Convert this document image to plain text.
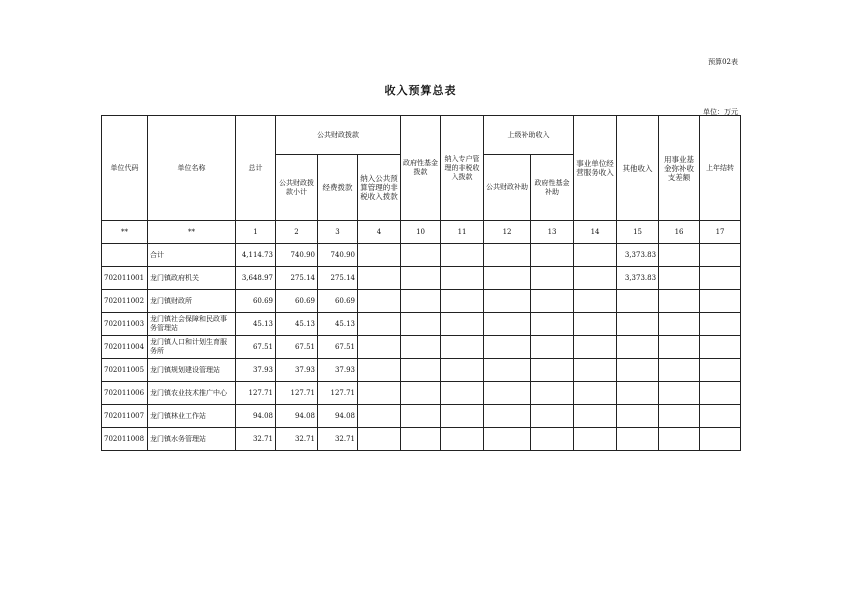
预算02表
收入预算总表
单位：万元
单位代码	单位名称	总计	公共财政拨款			政府性基金拨款	纳入专户管理的非税收入拨款	上级补助收入		事业单位经营服务收入	其他收入	用事业基金弥补收支差额	上年结转
			公共财政拨款小计	经费拨款	纳入公共预算管理的非税收入拨款			公共财政补助	政府性基金补助				
**	**	1	2	3	4	10	11	12	13	14	15	16	17
	合计	4,114.73	740.90	740.90							3,373.83		
702011001	龙门镇政府机关	3,648.97	275.14	275.14							3,373.83		
702011002	龙门镇财政所	60.69	60.69	60.69									
702011003	龙门镇社会保障和民政事务管理站	45.13	45.13	45.13									
702011004	龙门镇人口和计划生育服务所	67.51	67.51	67.51									
702011005	龙门镇规划建设管理站	37.93	37.93	37.93									
702011006	龙门镇农业技术推广中心	127.71	127.71	127.71									
702011007	龙门镇林业工作站	94.08	94.08	94.08									
702011008	龙门镇水务管理站	32.71	32.71	32.71									
